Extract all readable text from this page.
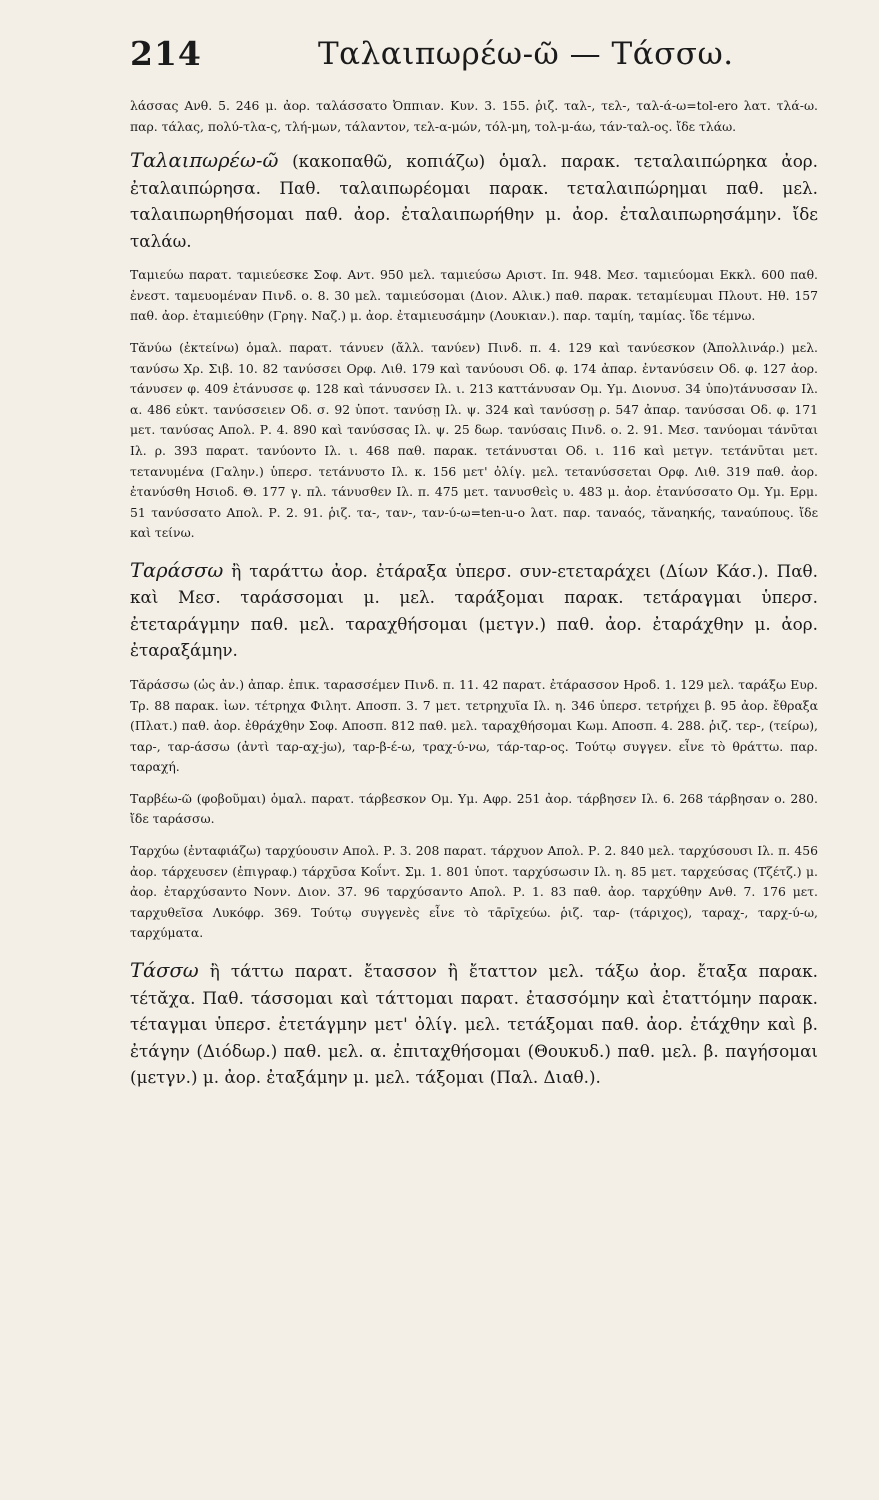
214	Ταλαιπωρέω-ῶ — Τάσσω.

λάσσας Ανθ. 5. 246 μ. ἀορ. ταλάσσατο Ὀππιαν. Κυν. 3. 155. ῥιζ. ταλ-, τελ-, ταλ-ά-ω=tol-ero λατ. τλά-ω. παρ. τάλας, πολύ-τλα-ς, τλή-μων, τάλαντον, τελ-α-μών, τόλ-μη, τολ-μ-άω, τάν-ταλ-ος. ἴδε τλάω.

Ταλαιπωρέω-ῶ (κακοπαθῶ, κοπιάζω) ὁμαλ. παρακ. τεταλαιπώρηκα ἀορ. ἐταλαιπώρησα. Παθ. ταλαιπωρέομαι παρακ. τεταλαιπώρημαι παθ. μελ. ταλαιπωρηθήσομαι παθ. ἀορ. ἐταλαιπωρήθην μ. ἀορ. ἐταλαιπωρησάμην. ἴδε ταλάω.

Ταμιεύω παρατ. ταμιεύεσκε Σοφ. Αντ. 950 μελ. ταμιεύσω Αριστ. Ιπ. 948. Μεσ. ταμιεύομαι Εκκλ. 600 παθ. ἐνεστ. ταμευομέναν Πινδ. ο. 8. 30 μελ. ταμιεύσομαι (Διον. Αλικ.) παθ. παρακ. τεταμίευμαι Πλουτ. Ηθ. 157 παθ. ἀορ. ἐταμιεύθην (Γρηγ. Ναζ.) μ. ἀορ. ἐταμιευσάμην (Λουκιαν.). παρ. ταμίη, ταμίας. ἴδε τέμνω.

Τᾰνύω (ἐκτείνω) ὁμαλ. παρατ. τάνυεν (ἄλλ. τανύεν) Πινδ. π. 4. 129 καὶ τανύεσκον (Ἀπολλινάρ.) μελ. τανύσω Χρ. Σιβ. 10. 82 τανύσσει Ορφ. Λιθ. 179 καὶ τανύουσι Οδ. φ. 174 ἀπαρ. ἐντανύσειν Οδ. φ. 127 ἀορ. τάνυσεν φ. 409 ἐτάνυσσε φ. 128 καὶ τάνυσσεν Ιλ. ι. 213 καττάνυσαν Ομ. Υμ. Διονυσ. 34 ὑπο)τάνυσσαν Ιλ. α. 486 εὐκτ. τανύσσειεν Οδ. σ. 92 ὑποτ. τανύσῃ Ιλ. ψ. 324 καὶ τανύσσῃ ρ. 547 ἀπαρ. τανύσσαι Οδ. φ. 171 μετ. τανύσας Απολ. Ρ. 4. 890 καὶ τανύσσας Ιλ. ψ. 25 δωρ. τανύσαις Πινδ. ο. 2. 91. Μεσ. τανύομαι τάνῡται Ιλ. ρ. 393 παρατ. τανύοντο Ιλ. ι. 468 παθ. παρακ. τετάνυσται Οδ. ι. 116 καὶ μετγν. τετάνῡται μετ. τετανυμένα (Γαλην.) ὑπερσ. τετάνυστο Ιλ. κ. 156 μετ' ὀλίγ. μελ. τετανύσσεται Ορφ. Λιθ. 319 παθ. ἀορ. ἐτανύσθη Ησιοδ. Θ. 177 γ. πλ. τάνυσθεν Ιλ. π. 475 μετ. τανυσθεὶς υ. 483 μ. ἀορ. ἐτανύσσατο Ομ. Υμ. Ερμ. 51 τανύσσατο Απολ. Ρ. 2. 91. ῥιζ. τα-, ταν-, ταν-ύ-ω=ten-u-o λατ. παρ. ταναός, τᾰναηκής, ταναύπους. ἴδε καὶ τείνω.

Ταράσσω ἢ ταράττω ἀορ. ἐτάραξα ὑπερσ. συν-ετεταράχει (Δίων Κάσ.). Παθ. καὶ Μεσ. ταράσσομαι μ. μελ. ταράξομαι παρακ. τετάραγμαι ὑπερσ. ἐτεταράγμην παθ. μελ. ταραχθήσομαι (μετγν.) παθ. ἀορ. ἐταράχθην μ. ἀορ. ἐταραξάμην.

Τᾰράσσω (ὡς ἀν.) ἀπαρ. ἐπικ. ταρασσέμεν Πινδ. π. 11. 42 παρατ. ἐτάρασσον Ηροδ. 1. 129 μελ. ταράξω Ευρ. Τρ. 88 παρακ. ἰων. τέτρηχα Φιλητ. Αποσπ. 3. 7 μετ. τετρηχυῖα Ιλ. η. 346 ὑπερσ. τετρήχει β. 95 ἀορ. ἔθραξα (Πλατ.) παθ. ἀορ. ἐθράχθην Σοφ. Αποσπ. 812 παθ. μελ. ταραχθήσομαι Κωμ. Αποσπ. 4. 288. ῥιζ. τερ-, (τείρω), ταρ-, ταρ-άσσω (ἀντὶ ταρ-αχ-jω), ταρ-β-έ-ω, τραχ-ύ-νω, τάρ-ταρ-ος. Τούτῳ συγγεν. εἶνε τὸ θράττω. παρ. ταραχή.

Ταρβέω-ῶ (φοβοῦμαι) ὁμαλ. παρατ. τάρβεσκον Ομ. Υμ. Αφρ. 251 ἀορ. τάρβησεν Ιλ. 6. 268 τάρβησαν ο. 280. ἴδε ταράσσω.

Ταρχύω (ἐνταφιάζω) ταρχύουσιν Απολ. Ρ. 3. 208 παρατ. τάρχυον Απολ. Ρ. 2. 840 μελ. ταρχύσουσι Ιλ. π. 456 ἀορ. τάρχευσεν (ἐπιγραφ.) τάρχῡσα Κοΐντ. Σμ. 1. 801 ὑποτ. ταρχύσωσιν Ιλ. η. 85 μετ. ταρχεύσας (Τζέτζ.) μ. ἀορ. ἐταρχύσαντο Νονν. Διον. 37. 96 ταρχύσαντο Απολ. Ρ. 1. 83 παθ. ἀορ. ταρχύθην Ανθ. 7. 176 μετ. ταρχυθεῖσα Λυκόφρ. 369. Τούτῳ συγγενὲς εἶνε τὸ τᾱρῑχεύω. ῥιζ. ταρ- (τάριχος), ταραχ-, ταρχ-ύ-ω, ταρχύματα.

Τάσσω ἢ τάττω παρατ. ἔτασσον ἢ ἔταττον μελ. τάξω ἀορ. ἔταξα παρακ. τέτᾰχα. Παθ. τάσσομαι καὶ τάττομαι παρατ. ἐτασσόμην καὶ ἐταττόμην παρακ. τέταγμαι ὑπερσ. ἐτετάγμην μετ' ὀλίγ. μελ. τετάξομαι παθ. ἀορ. ἐτάχθην καὶ β. ἐτάγην (Διόδωρ.) παθ. μελ. α. ἐπιταχθήσομαι (Θουκυδ.) παθ. μελ. β. παγήσομαι (μετγν.) μ. ἀορ. ἐταξάμην μ. μελ. τάξομαι (Παλ. Διαθ.).
